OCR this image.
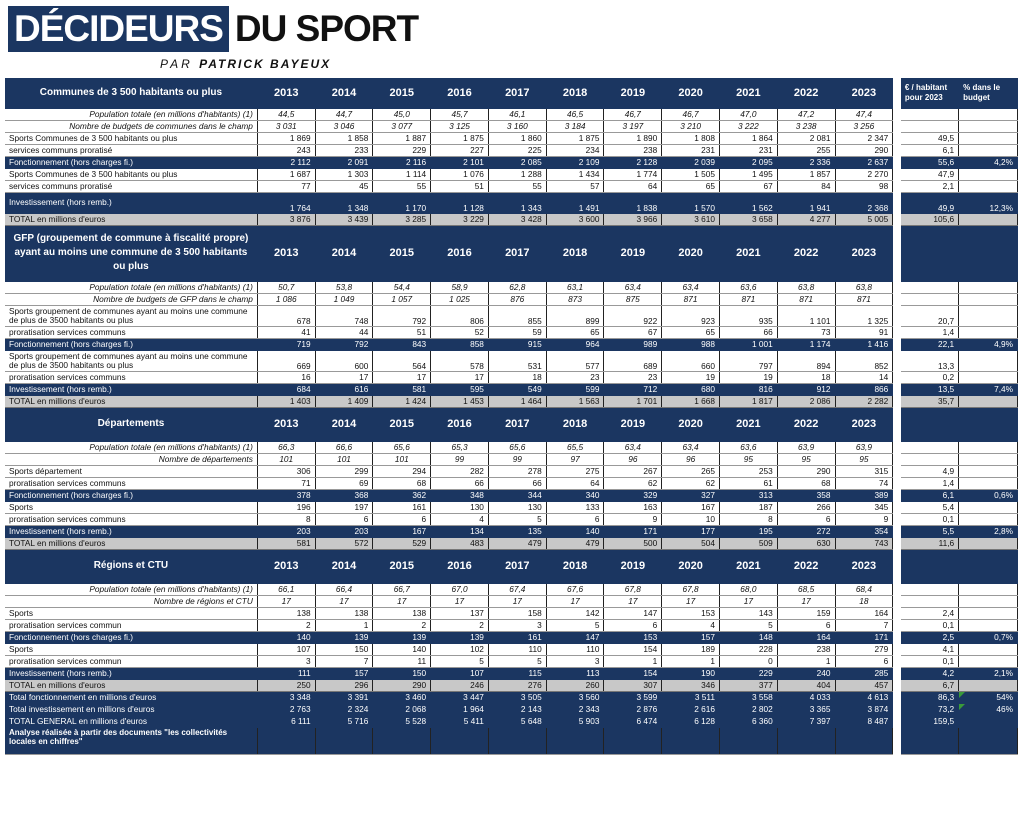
DÉCIDEURS DU SPORT
PAR PATRICK BAYEUX
Communes de 3 500 habitants ou plus	2013	2014	2015	2016	2017	2018	2019	2020	2021	2022	2023		€ / habitant pour 2023	% dans le budget
Population totale (en millions d'habitants) (1)	44,5	44,7	45,0	45,7	46,1	46,5	46,7	46,7	47,0	47,2	47,4			
Nombre de budgets de communes dans le champ	3 031	3 046	3 077	3 125	3 160	3 184	3 197	3 210	3 222	3 238	3 256			
Sports Communes de 3 500 habitants ou plus	1 869	1 858	1 887	1 875	1 860	1 875	1 890	1 808	1 864	2 081	2 347		49,5	
services communs proratisé	243	233	229	227	225	234	238	231	231	255	290		6,1	
Fonctionnement (hors charges fi.)	2 112	2 091	2 116	2 101	2 085	2 109	2 128	2 039	2 095	2 336	2 637		55,6	4,2%
Sports Communes de 3 500 habitants ou plus	1 687	1 303	1 114	1 076	1 288	1 434	1 774	1 505	1 495	1 857	2 270		47,9	
services communs proratisé	77	45	55	51	55	57	64	65	67	84	98		2,1	
Investissement (hors remb.)	1 764	1 348	1 170	1 128	1 343	1 491	1 838	1 570	1 562	1 941	2 368		49,9	12,3%
TOTAL en millions d'euros	3 876	3 439	3 285	3 229	3 428	3 600	3 966	3 610	3 658	4 277	5 005		105,6	
GFP (groupement de commune à fiscalité propre) ayant au moins une commune de 3 500 habitants ou plus	2013	2014	2015	2016	2017	2018	2019	2020	2021	2022	2023			
Population totale (en millions d'habitants) (1)	50,7	53,8	54,4	58,9	62,8	63,1	63,4	63,4	63,6	63,8	63,8			
Nombre de budgets de GFP dans le champ	1 086	1 049	1 057	1 025	876	873	875	871	871	871	871			
Sports groupement de communes ayant au moins une commune de plus de 3500 habitants ou plus	678	748	792	806	855	899	922	923	935	1 101	1 325		20,7	
proratisation services communs	41	44	51	52	59	65	67	65	66	73	91		1,4	
Fonctionnement (hors charges fi.)	719	792	843	858	915	964	989	988	1 001	1 174	1 416		22,1	4,9%
Sports groupement de communes ayant au moins une commune de plus de 3500 habitants ou plus	669	600	564	578	531	577	689	660	797	894	852		13,3	
proratisation services communs	16	17	17	17	18	23	23	19	19	18	14		0,2	
Investissement (hors remb.)	684	616	581	595	549	599	712	680	816	912	866		13,5	7,4%
TOTAL en millions d'euros	1 403	1 409	1 424	1 453	1 464	1 563	1 701	1 668	1 817	2 086	2 282		35,7	
Départements	2013	2014	2015	2016	2017	2018	2019	2020	2021	2022	2023			
Population totale (en millions d'habitants) (1)	66,3	66,6	65,6	65,3	65,6	65,5	63,4	63,4	63,6	63,9	63,9			
Nombre de départements	101	101	101	99	99	97	96	96	95	95	95			
Sports département	306	299	294	282	278	275	267	265	253	290	315		4,9	
proratisation services communs	71	69	68	66	66	64	62	62	61	68	74		1,4	
Fonctionnement (hors charges fi.)	378	368	362	348	344	340	329	327	313	358	389		6,1	0,6%
Sports	196	197	161	130	130	133	163	167	187	266	345		5,4	
proratisation services communs	8	6	6	4	5	6	9	10	8	6	9		0,1	
Investissement (hors remb.)	203	203	167	134	135	140	171	177	195	272	354		5,5	2,8%
TOTAL en millions d'euros	581	572	529	483	479	479	500	504	509	630	743		11,6	
Régions et CTU	2013	2014	2015	2016	2017	2018	2019	2020	2021	2022	2023			
Population totale (en millions d'habitants) (1)	66,1	66,4	66,7	67,0	67,4	67,6	67,8	67,8	68,0	68,5	68,4			
Nombre de régions et CTU	17	17	17	17	17	17	17	17	17	17	18			
Sports	138	138	138	137	158	142	147	153	143	159	164		2,4	
proratisation services commun	2	1	2	2	3	5	6	4	5	6	7		0,1	
Fonctionnement (hors charges fi.)	140	139	139	139	161	147	153	157	148	164	171		2,5	0,7%
Sports	107	150	140	102	110	110	154	189	228	238	279		4,1	
proratisation services commun	3	7	11	5	5	3	1	1	0	1	6		0,1	
Investissement (hors remb.)	111	157	150	107	115	113	154	190	229	240	285		4,2	2,1%
TOTAL en millions d'euros	250	296	290	246	276	260	307	346	377	404	457		6,7	
Total fonctionnement en millions d'euros	3 348	3 391	3 460	3 447	3 505	3 560	3 599	3 511	3 558	4 033	4 613		86,3	54%
Total investissement en millions d'euros	2 763	2 324	2 068	1 964	2 143	2 343	2 876	2 616	2 802	3 365	3 874		73,2	46%
TOTAL GENERAL en millions d'euros	6 111	5 716	5 528	5 411	5 648	5 903	6 474	6 128	6 360	7 397	8 487		159,5	
Analyse réalisée à partir des documents "les collectivités locales en chiffres"														
